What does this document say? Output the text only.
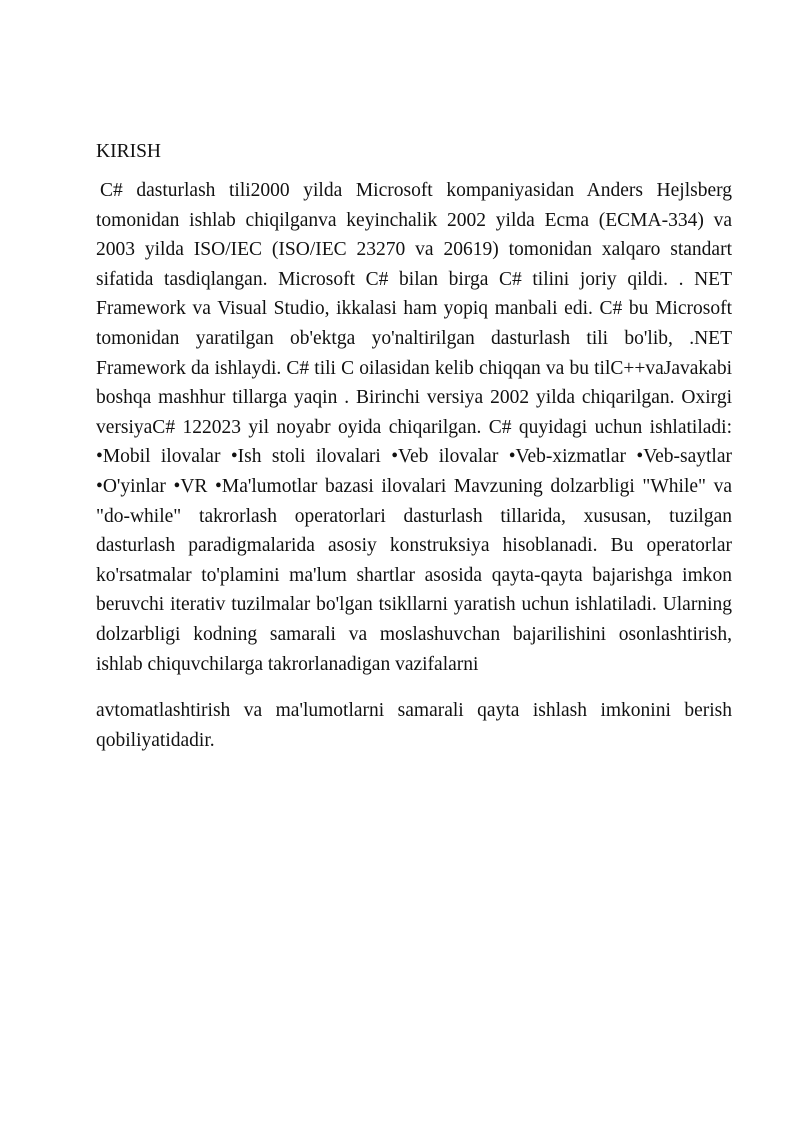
KIRISH

C# dasturlash tili2000 yilda Microsoft kompaniyasidan Anders Hejlsberg tomonidan ishlab chiqilganva keyinchalik 2002 yilda Ecma (ECMA-334) va 2003 yilda ISO/IEC (ISO/IEC 23270 va 20619) tomonidan xalqaro standart sifatida tasdiqlangan. Microsoft C# bilan birga C# tilini joriy qildi. . NET Framework va Visual Studio, ikkalasi ham yopiq manbali edi. C# bu Microsoft tomonidan yaratilgan ob'ektga yo'naltirilgan dasturlash tili bo'lib, .NET Framework da ishlaydi. C# tili C oilasidan kelib chiqqan va bu tilC++vaJavakabi boshqa mashhur tillarga yaqin . Birinchi versiya 2002 yilda chiqarilgan. Oxirgi versiyaC# 122023 yil noyabr oyida chiqarilgan. C# quyidagi uchun ishlatiladi: •Mobil ilovalar •Ish stoli ilovalari •Veb ilovalar •Veb-xizmatlar •Veb-saytlar •O'yinlar •VR •Ma'lumotlar bazasi ilovalari Mavzuning dolzarbligi "While" va "do-while" takrorlash operatorlari dasturlash tillarida, xususan, tuzilgan dasturlash paradigmalarida asosiy konstruksiya hisoblanadi. Bu operatorlar ko'rsatmalar to'plamini ma'lum shartlar asosida qayta-qayta bajarishga imkon beruvchi iterativ tuzilmalar bo'lgan tsikllarni yaratish uchun ishlatiladi. Ularning dolzarbligi kodning samarali va moslashuvchan bajarilishini osonlashtirish, ishlab chiquvchilarga takrorlanadigan vazifalarni

avtomatlashtirish va ma'lumotlarni samarali qayta ishlash imkonini berish qobiliyatidadir.
